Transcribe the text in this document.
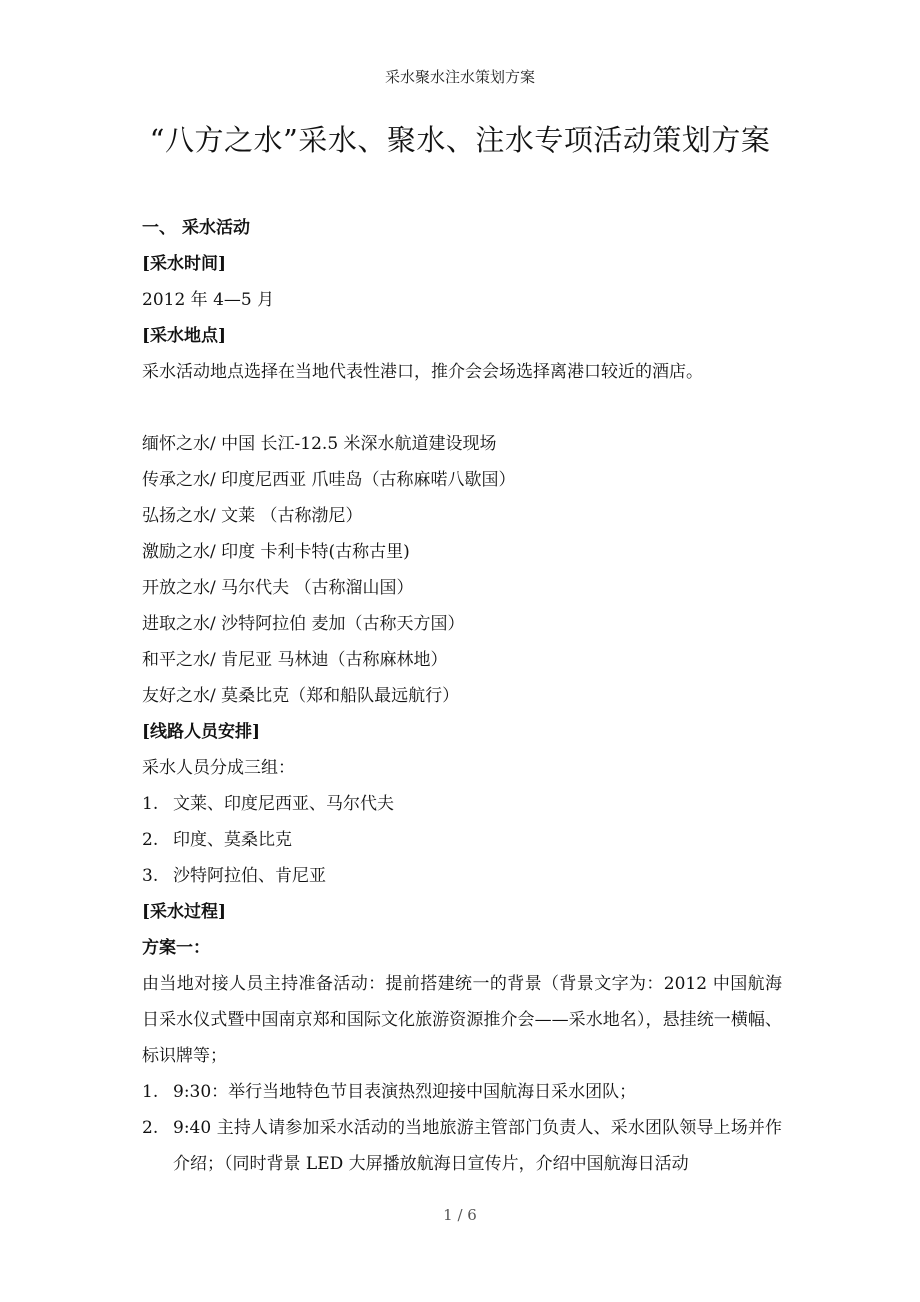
采水聚水注水策划方案
“八方之水”采水、聚水、注水专项活动策划方案
一、 采水活动
[采水时间]
2012 年 4—5 月
[采水地点]
采水活动地点选择在当地代表性港口，推介会会场选择离港口较近的酒店。
缅怀之水/ 中国 长江-12.5 米深水航道建设现场
传承之水/ 印度尼西亚 爪哇岛（古称麻喏八歇国）
弘扬之水/ 文莱 （古称渤尼）
激励之水/ 印度 卡利卡特(古称古里)
开放之水/ 马尔代夫 （古称溜山国）
进取之水/ 沙特阿拉伯 麦加（古称天方国）
和平之水/ 肯尼亚 马林迪（古称麻林地）
友好之水/ 莫桑比克（郑和船队最远航行）
[线路人员安排]
采水人员分成三组：
1. 文莱、印度尼西亚、马尔代夫
2. 印度、莫桑比克
3. 沙特阿拉伯、肯尼亚
[采水过程]
方案一：
由当地对接人员主持准备活动：提前搭建统一的背景（背景文字为：2012 中国航海日采水仪式暨中国南京郑和国际文化旅游资源推介会——采水地名），悬挂统一横幅、标识牌等；
1. 9:30：举行当地特色节目表演热烈迎接中国航海日采水团队；
2. 9:40 主持人请参加采水活动的当地旅游主管部门负责人、采水团队领导上场并作介绍；（同时背景 LED 大屏播放航海日宣传片，介绍中国航海日活动
1 / 6
